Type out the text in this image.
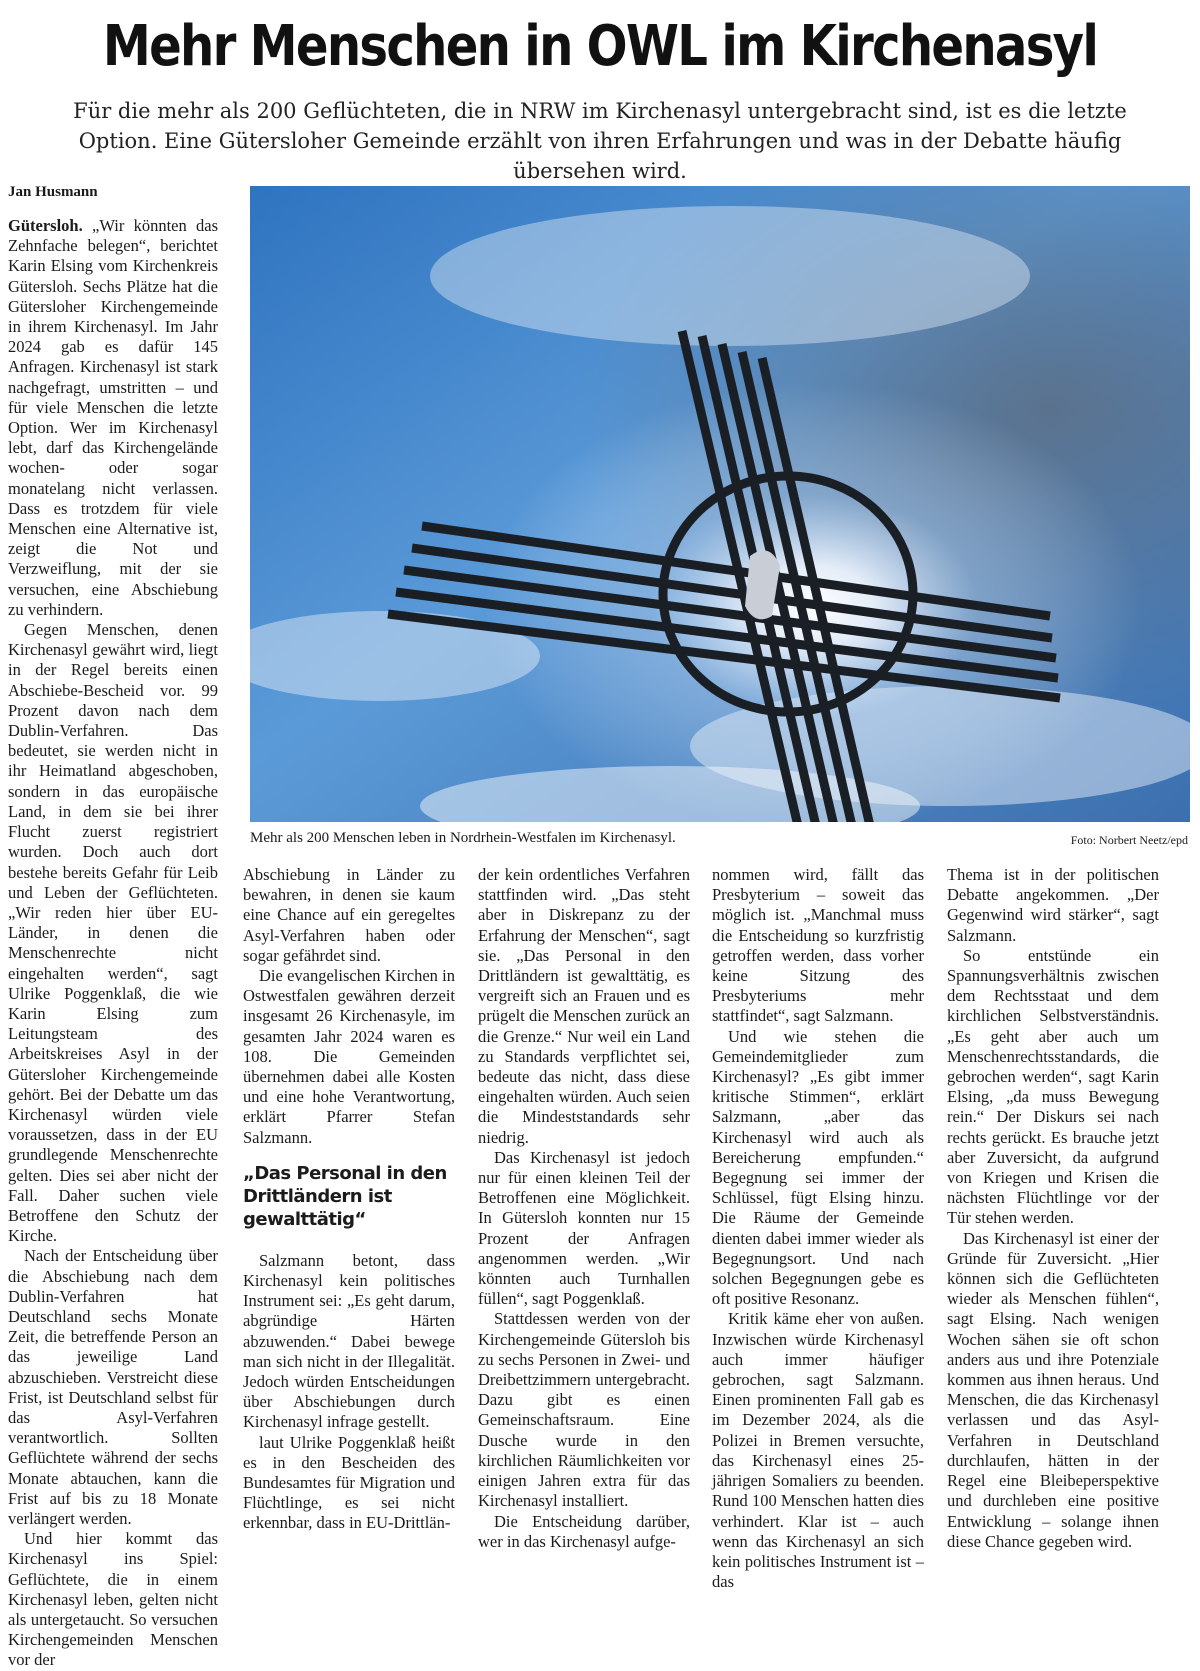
Mehr Menschen in OWL im Kirchenasyl

Für die mehr als 200 Geflüchteten, die in NRW im Kirchenasyl untergebracht sind, ist es die letzte Option. Eine Gütersloher Gemeinde erzählt von ihren Erfahrungen und was in der Debatte häufig übersehen wird.

Jan Husmann
Mehr als 200 Menschen leben in Nordrhein-Westfalen im Kirchenasyl.	Foto: Norbert Neetz/epd

Gütersloh. „Wir könnten das Zehnfache belegen“, berichtet Karin Elsing vom Kirchenkreis Gütersloh. Sechs Plätze hat die Gütersloher Kirchengemeinde in ihrem Kirchenasyl. Im Jahr 2024 gab es dafür 145 Anfragen. Kirchenasyl ist stark nachgefragt, umstritten – und für viele Menschen die letzte Option. Wer im Kirchenasyl lebt, darf das Kirchengelände wochen- oder sogar monatelang nicht verlassen. Dass es trotzdem für viele Menschen eine Alternative ist, zeigt die Not und Verzweiflung, mit der sie versuchen, eine Abschiebung zu verhindern.

Gegen Menschen, denen Kirchenasyl gewährt wird, liegt in der Regel bereits einen Abschiebe-Bescheid vor. 99 Prozent davon nach dem Dublin-Verfahren. Das bedeutet, sie werden nicht in ihr Heimatland abgeschoben, sondern in das europäische Land, in dem sie bei ihrer Flucht zuerst registriert wurden. Doch auch dort bestehe bereits Gefahr für Leib und Leben der Geflüchteten. „Wir reden hier über EU-Länder, in denen die Menschenrechte nicht eingehalten werden“, sagt Ulrike Poggenklaß, die wie Karin Elsing zum Leitungsteam des Arbeitskreises Asyl in der Gütersloher Kirchengemeinde gehört. Bei der Debatte um das Kirchenasyl würden viele voraussetzen, dass in der EU grundlegende Menschenrechte gelten. Dies sei aber nicht der Fall. Daher suchen viele Betroffene den Schutz der Kirche.

Nach der Entscheidung über die Abschiebung nach dem Dublin-Verfahren hat Deutschland sechs Monate Zeit, die betreffende Person an das jeweilige Land abzuschieben. Verstreicht diese Frist, ist Deutschland selbst für das Asyl-Verfahren verantwortlich. Sollten Geflüchtete während der sechs Monate abtauchen, kann die Frist auf bis zu 18 Monate verlängert werden.

Und hier kommt das Kirchenasyl ins Spiel: Geflüchtete, die in einem Kirchenasyl leben, gelten nicht als untergetaucht. So versuchen Kirchengemeinden Menschen vor der

Abschiebung in Länder zu bewahren, in denen sie kaum eine Chance auf ein geregeltes Asyl-Verfahren haben oder sogar gefährdet sind.

Die evangelischen Kirchen in Ostwestfalen gewähren derzeit insgesamt 26 Kirchenasyle, im gesamten Jahr 2024 waren es 108. Die Gemeinden übernehmen dabei alle Kosten und eine hohe Verantwortung, erklärt Pfarrer Stefan Salzmann.

„Das Personal in den Drittländern ist gewalttätig“

Salzmann betont, dass Kirchenasyl kein politisches Instrument sei: „Es geht darum, abgründige Härten abzuwenden.“ Dabei bewege man sich nicht in der Illegalität. Jedoch würden Entscheidungen über Abschiebungen durch Kirchenasyl infrage gestellt.

laut Ulrike Poggenklaß heißt es in den Bescheiden des Bundesamtes für Migration und Flüchtlinge, es sei nicht erkennbar, dass in EU-Drittlän-

der kein ordentliches Verfahren stattfinden wird. „Das steht aber in Diskrepanz zu der Erfahrung der Menschen“, sagt sie. „Das Personal in den Drittländern ist gewalttätig, es vergreift sich an Frauen und es prügelt die Menschen zurück an die Grenze.“ Nur weil ein Land zu Standards verpflichtet sei, bedeute das nicht, dass diese eingehalten würden. Auch seien die Mindeststandards sehr niedrig.

Das Kirchenasyl ist jedoch nur für einen kleinen Teil der Betroffenen eine Möglichkeit. In Gütersloh konnten nur 15 Prozent der Anfragen angenommen werden. „Wir könnten auch Turnhallen füllen“, sagt Poggenklaß.

Stattdessen werden von der Kirchengemeinde Gütersloh bis zu sechs Personen in Zwei- und Dreibettzimmern untergebracht. Dazu gibt es einen Gemeinschaftsraum. Eine Dusche wurde in den kirchlichen Räumlichkeiten vor einigen Jahren extra für das Kirchenasyl installiert.

Die Entscheidung darüber, wer in das Kirchenasyl aufge-

nommen wird, fällt das Presbyterium – soweit das möglich ist. „Manchmal muss die Entscheidung so kurzfristig getroffen werden, dass vorher keine Sitzung des Presbyteriums mehr stattfindet“, sagt Salzmann.

Und wie stehen die Gemeindemitglieder zum Kirchenasyl? „Es gibt immer kritische Stimmen“, erklärt Salzmann, „aber das Kirchenasyl wird auch als Bereicherung empfunden.“ Begegnung sei immer der Schlüssel, fügt Elsing hinzu. Die Räume der Gemeinde dienten dabei immer wieder als Begegnungsort. Und nach solchen Begegnungen gebe es oft positive Resonanz.

Kritik käme eher von außen. Inzwischen würde Kirchenasyl auch immer häufiger gebrochen, sagt Salzmann. Einen prominenten Fall gab es im Dezember 2024, als die Polizei in Bremen versuchte, das Kirchenasyl eines 25-jährigen Somaliers zu beenden. Rund 100 Menschen hatten dies verhindert. Klar ist – auch wenn das Kirchenasyl an sich kein politisches Instrument ist – das

Thema ist in der politischen Debatte angekommen. „Der Gegenwind wird stärker“, sagt Salzmann.

So entstünde ein Spannungsverhältnis zwischen dem Rechtsstaat und dem kirchlichen Selbstverständnis. „Es geht aber auch um Menschenrechtsstandards, die gebrochen werden“, sagt Karin Elsing, „da muss Bewegung rein.“ Der Diskurs sei nach rechts gerückt. Es brauche jetzt aber Zuversicht, da aufgrund von Kriegen und Krisen die nächsten Flüchtlinge vor der Tür stehen werden.

Das Kirchenasyl ist einer der Gründe für Zuversicht. „Hier können sich die Geflüchteten wieder als Menschen fühlen“, sagt Elsing. Nach wenigen Wochen sähen sie oft schon anders aus und ihre Potenziale kommen aus ihnen heraus. Und Menschen, die das Kirchenasyl verlassen und das Asyl-Verfahren in Deutschland durchlaufen, hätten in der Regel eine Bleibeperspektive und durchleben eine positive Entwicklung – solange ihnen diese Chance gegeben wird.
